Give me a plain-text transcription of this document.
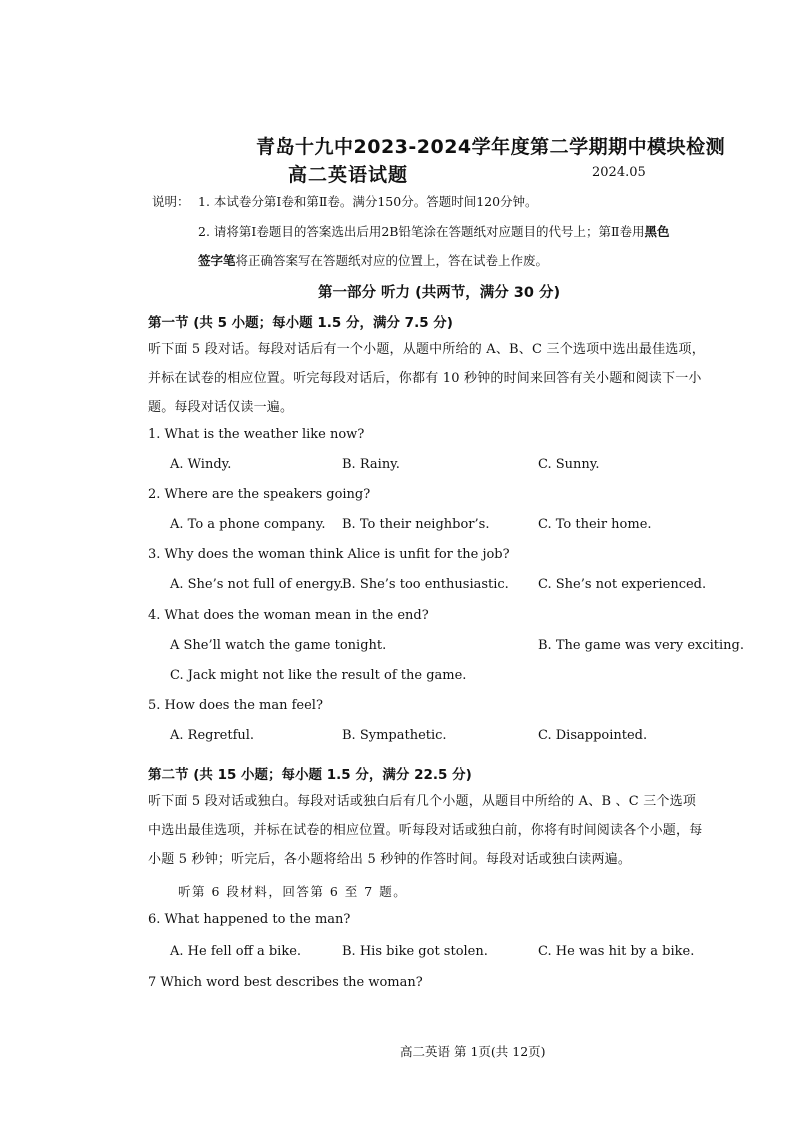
青岛十九中2023-2024学年度第二学期期中模块检测
高二英语试题	2024.05
说明： 1. 本试卷分第Ⅰ卷和第Ⅱ卷。满分150分。答题时间120分钟。
2. 请将第Ⅰ卷题目的答案选出后用2B铅笔涂在答题纸对应题目的代号上；第Ⅱ卷用黑色
签字笔将正确答案写在答题纸对应的位置上，答在试卷上作废。
第一部分 听力 (共两节，满分 30 分)
第一节 (共 5 小题；每小题 1.5 分，满分 7.5 分)
听下面 5 段对话。每段对话后有一个小题，从题中所给的 A、B、C 三个选项中选出最佳选项，
并标在试卷的相应位置。听完每段对话后，你都有 10 秒钟的时间来回答有关小题和阅读下一小
题。每段对话仅读一遍。
1. What is the weather like now?
A. Windy.	B. Rainy.	C. Sunny.
2. Where are the speakers going?
A. To a phone company. B. To their neighbor’s.	C. To their home.
3. Why does the woman think Alice is unfit for the job?
A. She’s not full of energy.
B. She’s too enthusiastic. C. She’s not experienced.
4. What does the woman mean in the end?
A She’ll watch the game tonight.	B. The game was very exciting.
C. Jack might not like the result of the game.
5. How does the man feel?
A. Regretful.	B. Sympathetic.	C. Disappointed.
第二节 (共 15 小题；每小题 1.5 分，满分 22.5 分)
听下面 5 段对话或独白。每段对话或独白后有几个小题，从题目中所给的 A、B 、C 三个选项
中选出最佳选项，并标在试卷的相应位置。听每段对话或独白前，你将有时间阅读各个小题，每
小题 5 秒钟；听完后，各小题将给出 5 秒钟的作答时间。每段对话或独白读两遍。
听第 6 段材料，回答第 6 至 7 题。
6. What happened to the man?
A. He fell off a bike.	B. His bike got stolen.	C. He was hit by a bike.
7 Which word best describes the woman?
高二英语 第 1页(共 12页)
